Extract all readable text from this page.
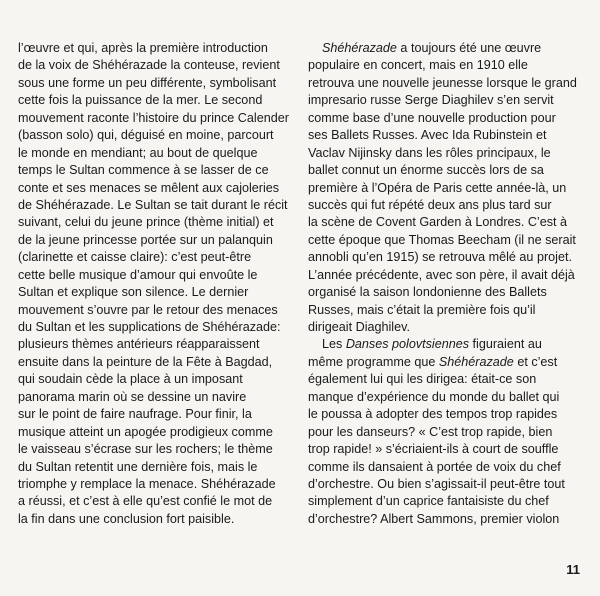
l’œuvre et qui, après la première introduction
de la voix de Shéhérazade la conteuse, revient
sous une forme un peu différente, symbolisant
cette fois la puissance de la mer. Le second
mouvement raconte l’histoire du prince Calender
(basson solo) qui, déguisé en moine, parcourt
le monde en mendiant; au bout de quelque
temps le Sultan commence à se lasser de ce
conte et ses menaces se mêlent aux cajoleries
de Shéhérazade. Le Sultan se tait durant le récit
suivant, celui du jeune prince (thème initial) et
de la jeune princesse portée sur un palanquin
(clarinette et caisse claire): c’est peut-être
cette belle musique d’amour qui envoûte le
Sultan et explique son silence. Le dernier
mouvement s’ouvre par le retour des menaces
du Sultan et les supplications de Shéhérazade:
plusieurs thèmes antérieurs réapparaissent
ensuite dans la peinture de la Fête à Bagdad,
qui soudain cède la place à un imposant
panorama marin où se dessine un navire
sur le point de faire naufrage. Pour finir, la
musique atteint un apogée prodigieux comme
le vaisseau s’écrase sur les rochers; le thème
du Sultan retentit une dernière fois, mais le
triomphe y remplace la menace. Shéhérazade
a réussi, et c’est à elle qu’est confié le mot de
la fin dans une conclusion fort paisible.
Shéhérazade a toujours été une œuvre
populaire en concert, mais en 1910 elle
retrouva une nouvelle jeunesse lorsque le grand
impresario russe Serge Diaghilev s’en servit
comme base d’une nouvelle production pour
ses Ballets Russes. Avec Ida Rubinstein et
Vaclav Nijinsky dans les rôles principaux, le
ballet connut un énorme succès lors de sa
première à l’Opéra de Paris cette année-là, un
succès qui fut répété deux ans plus tard sur
la scène de Covent Garden à Londres. C’est à
cette époque que Thomas Beecham (il ne serait
annobli qu’en 1915) se retrouva mêlé au projet.
L’année précédente, avec son père, il avait déjà
organisé la saison londonienne des Ballets
Russes, mais c’était la première fois qu’il
dirigeait Diaghilev.
Les Danses polovtsiennes figuraient au
même programme que Shéhérazade et c’est
également lui qui les dirigea: était-ce son
manque d’expérience du monde du ballet qui
le poussa à adopter des tempos trop rapides
pour les danseurs? « C’est trop rapide, bien
trop rapide! » s’écriaient-ils à court de souffle
comme ils dansaient à portée de voix du chef
d’orchestre. Ou bien s’agissait-il peut-être tout
simplement d’un caprice fantaisiste du chef
d’orchestre? Albert Sammons, premier violon
11
